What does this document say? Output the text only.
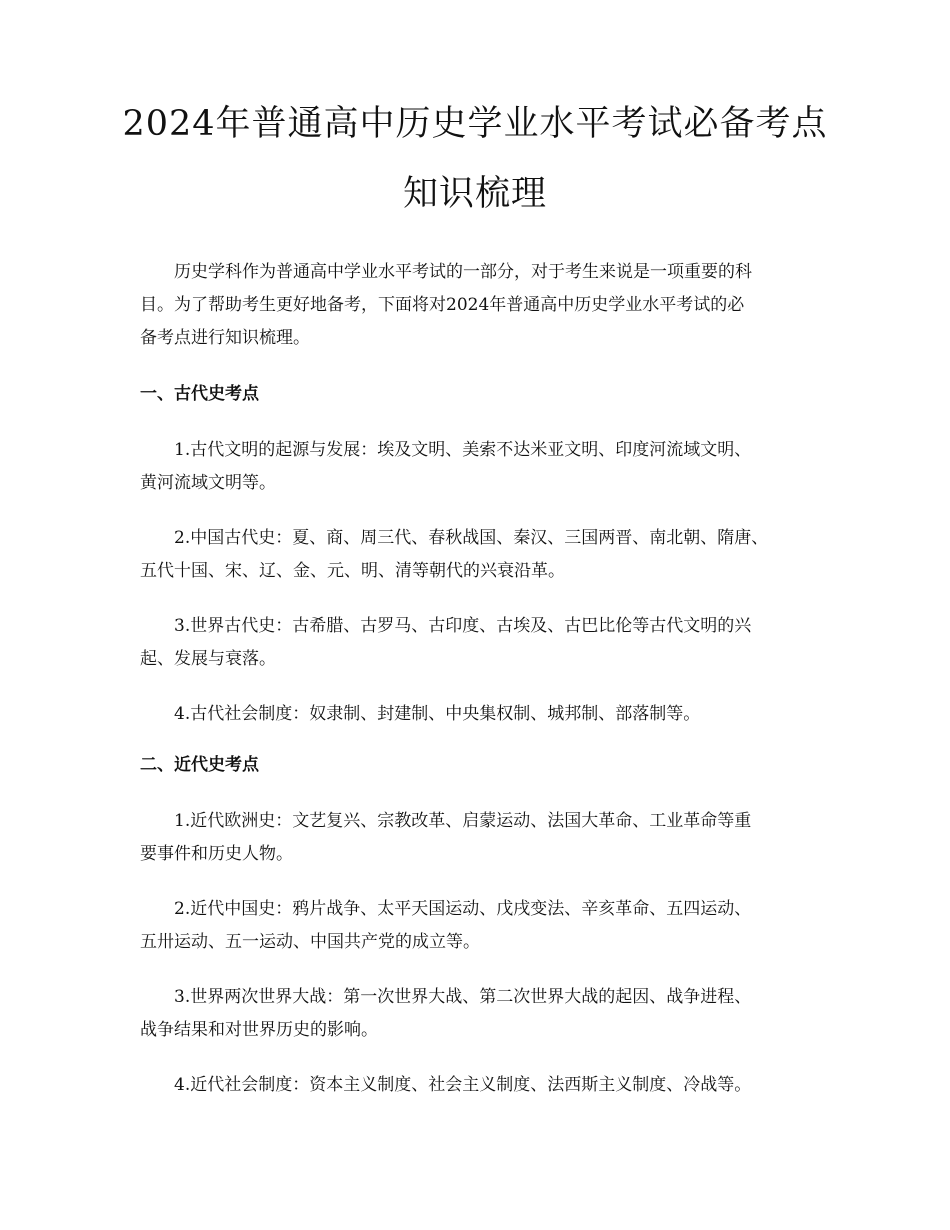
2024年普通高中历史学业水平考试必备考点
知识梳理

历史学科作为普通高中学业水平考试的一部分，对于考生来说是一项重要的科
目。为了帮助考生更好地备考，下面将对2024年普通高中历史学业水平考试的必
备考点进行知识梳理。

一、古代史考点

1.古代文明的起源与发展：埃及文明、美索不达米亚文明、印度河流域文明、
黄河流域文明等。

2.中国古代史：夏、商、周三代、春秋战国、秦汉、三国两晋、南北朝、隋唐、
五代十国、宋、辽、金、元、明、清等朝代的兴衰沿革。

3.世界古代史：古希腊、古罗马、古印度、古埃及、古巴比伦等古代文明的兴
起、发展与衰落。

4.古代社会制度：奴隶制、封建制、中央集权制、城邦制、部落制等。

二、近代史考点

1.近代欧洲史：文艺复兴、宗教改革、启蒙运动、法国大革命、工业革命等重
要事件和历史人物。

2.近代中国史：鸦片战争、太平天国运动、戊戌变法、辛亥革命、五四运动、
五卅运动、五一运动、中国共产党的成立等。

3.世界两次世界大战：第一次世界大战、第二次世界大战的起因、战争进程、
战争结果和对世界历史的影响。

4.近代社会制度：资本主义制度、社会主义制度、法西斯主义制度、冷战等。
